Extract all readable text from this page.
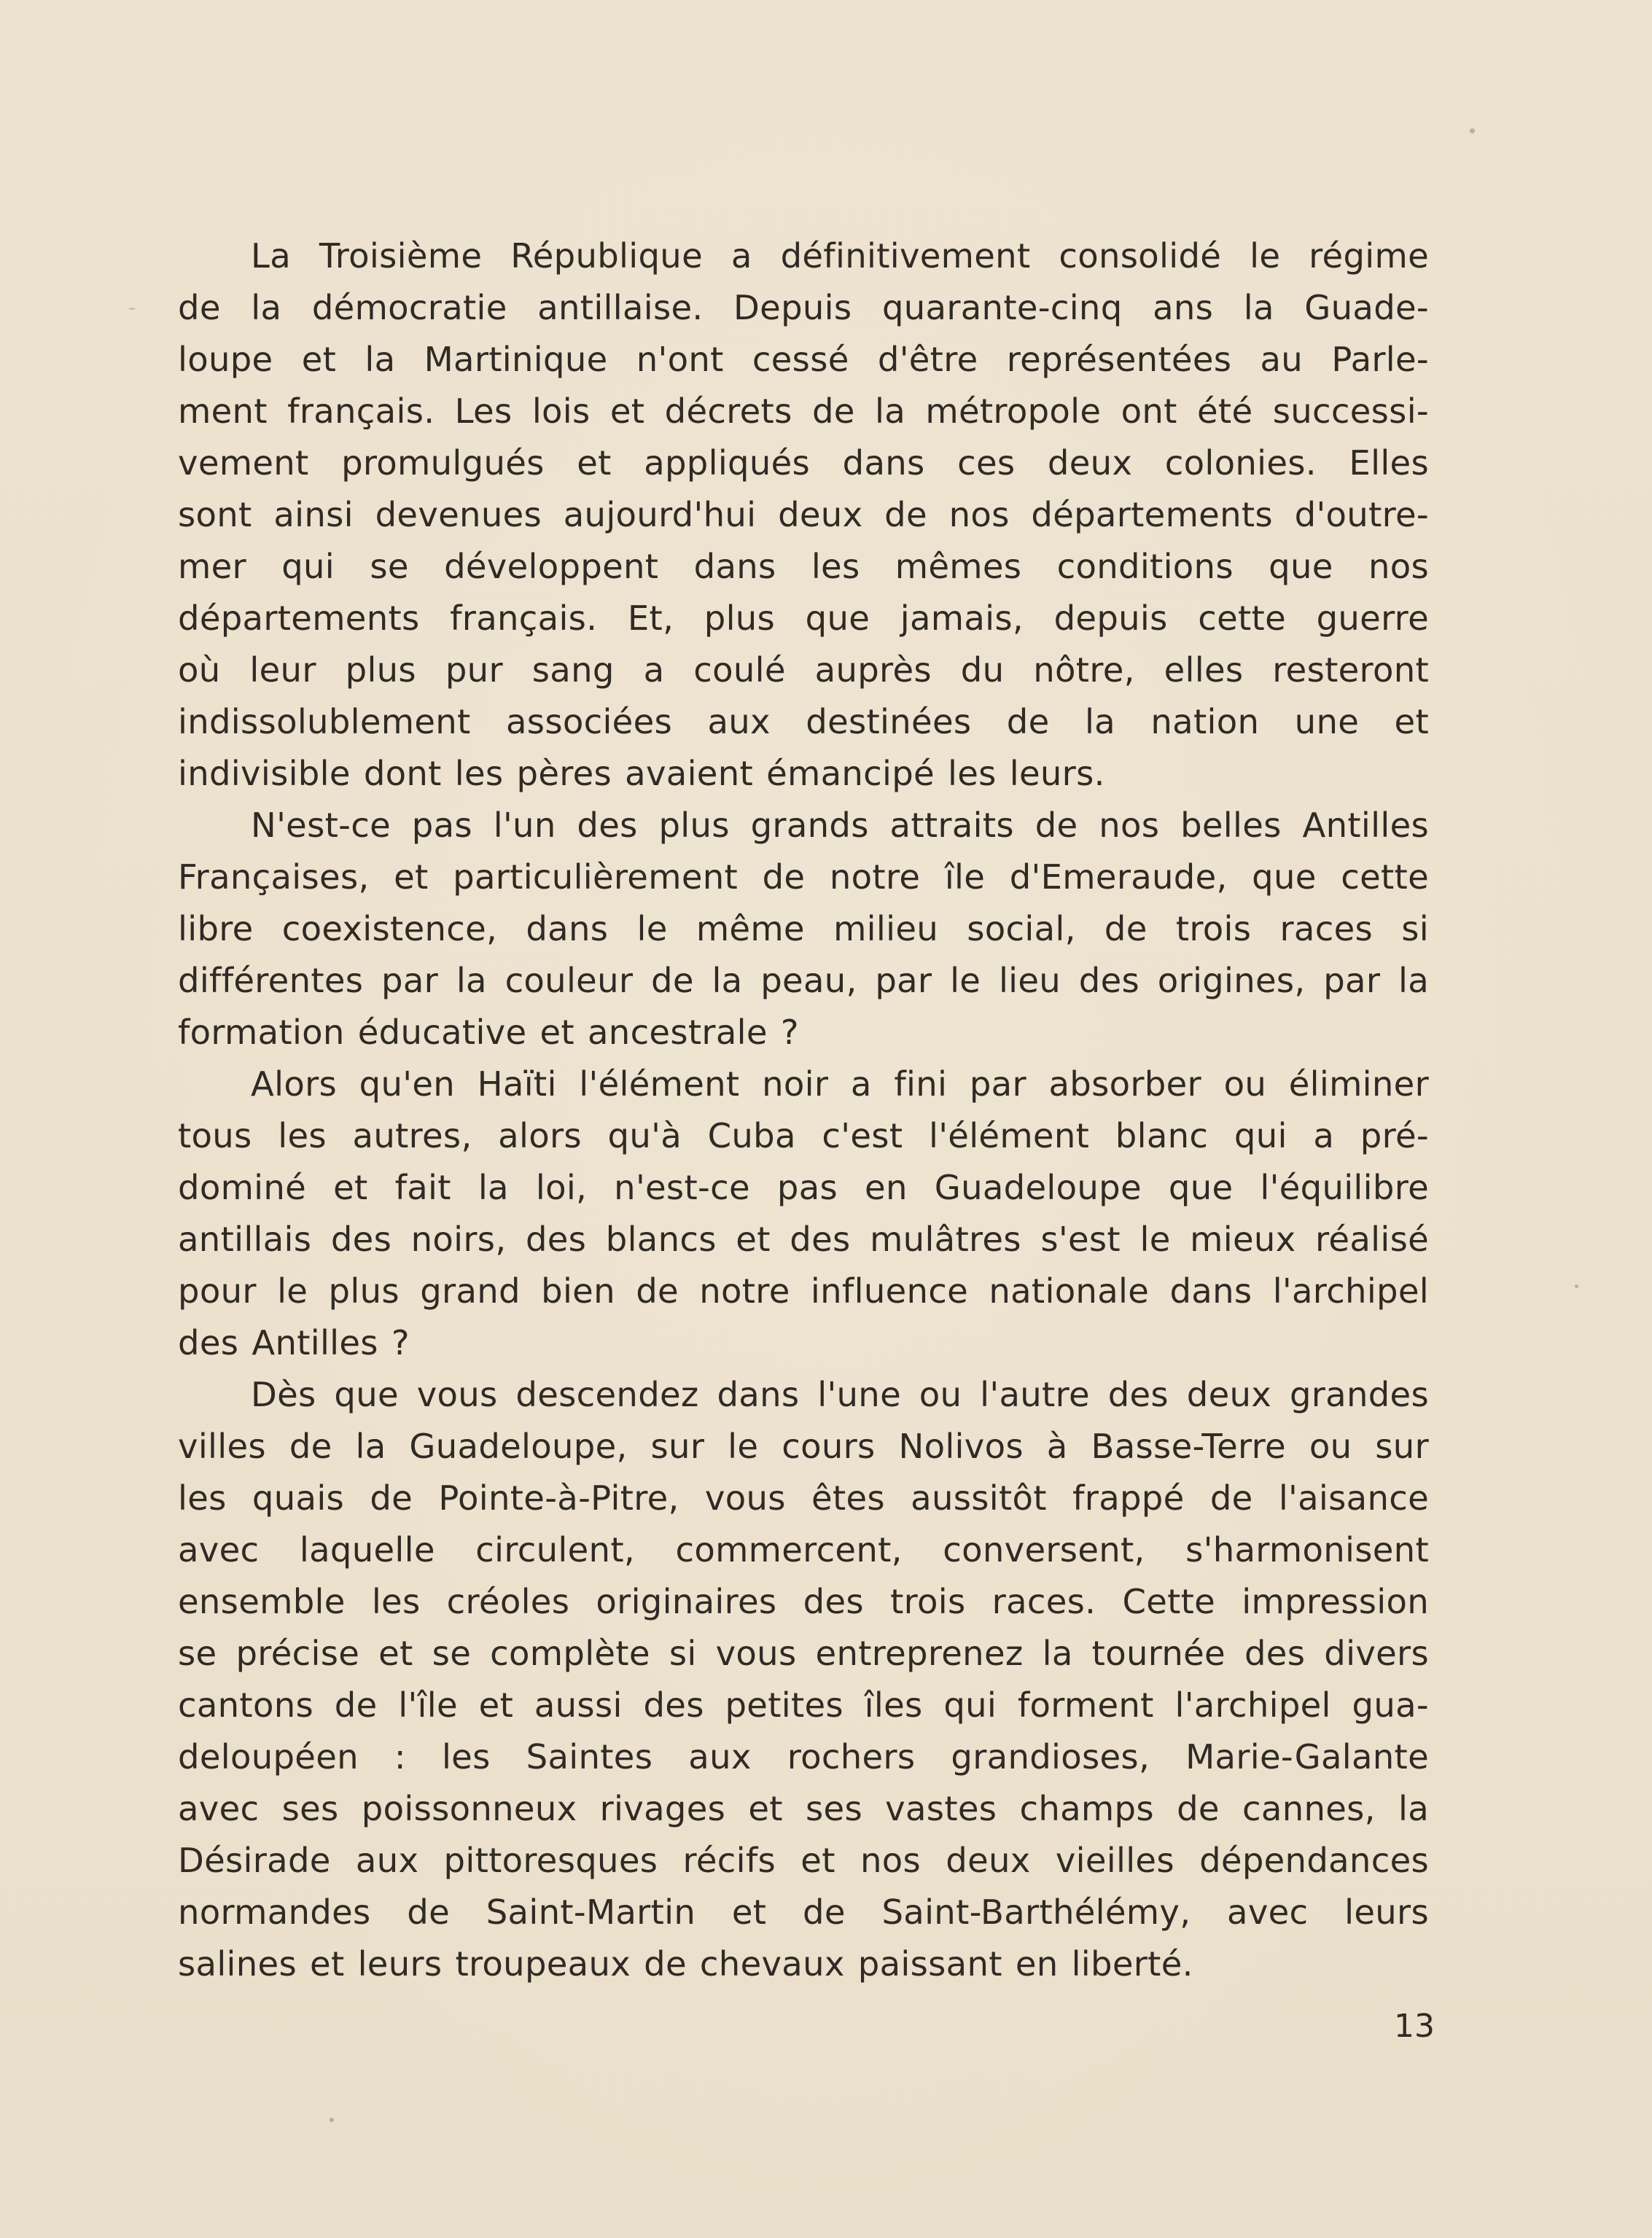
La Troisième République a définitivement consolidé le régime
de la démocratie antillaise. Depuis quarante-cinq ans la Guade-
loupe et la Martinique n'ont cessé d'être représentées au Parle-
ment français. Les lois et décrets de la métropole ont été successi-
vement promulgués et appliqués dans ces deux colonies. Elles
sont ainsi devenues aujourd'hui deux de nos départements d'outre-
mer qui se développent dans les mêmes conditions que nos
départements français. Et, plus que jamais, depuis cette guerre
où leur plus pur sang a coulé auprès du nôtre, elles resteront
indissolublement associées aux destinées de la nation une et
indivisible dont les pères avaient émancipé les leurs.
N'est-ce pas l'un des plus grands attraits de nos belles Antilles
Françaises, et particulièrement de notre île d'Emeraude, que cette
libre coexistence, dans le même milieu social, de trois races si
différentes par la couleur de la peau, par le lieu des origines, par la
formation éducative et ancestrale ?
Alors qu'en Haïti l'élément noir a fini par absorber ou éliminer
tous les autres, alors qu'à Cuba c'est l'élément blanc qui a pré-
dominé et fait la loi, n'est-ce pas en Guadeloupe que l'équilibre
antillais des noirs, des blancs et des mulâtres s'est le mieux réalisé
pour le plus grand bien de notre influence nationale dans l'archipel
des Antilles ?
Dès que vous descendez dans l'une ou l'autre des deux grandes
villes de la Guadeloupe, sur le cours Nolivos à Basse-Terre ou sur
les quais de Pointe-à-Pitre, vous êtes aussitôt frappé de l'aisance
avec laquelle circulent, commercent, conversent, s'harmonisent
ensemble les créoles originaires des trois races. Cette impression
se précise et se complète si vous entreprenez la tournée des divers
cantons de l'île et aussi des petites îles qui forment l'archipel gua-
deloupéen : les Saintes aux rochers grandioses, Marie-Galante
avec ses poissonneux rivages et ses vastes champs de cannes, la
Désirade aux pittoresques récifs et nos deux vieilles dépendances
normandes de Saint-Martin et de Saint-Barthélémy, avec leurs
salines et leurs troupeaux de chevaux paissant en liberté.
13
